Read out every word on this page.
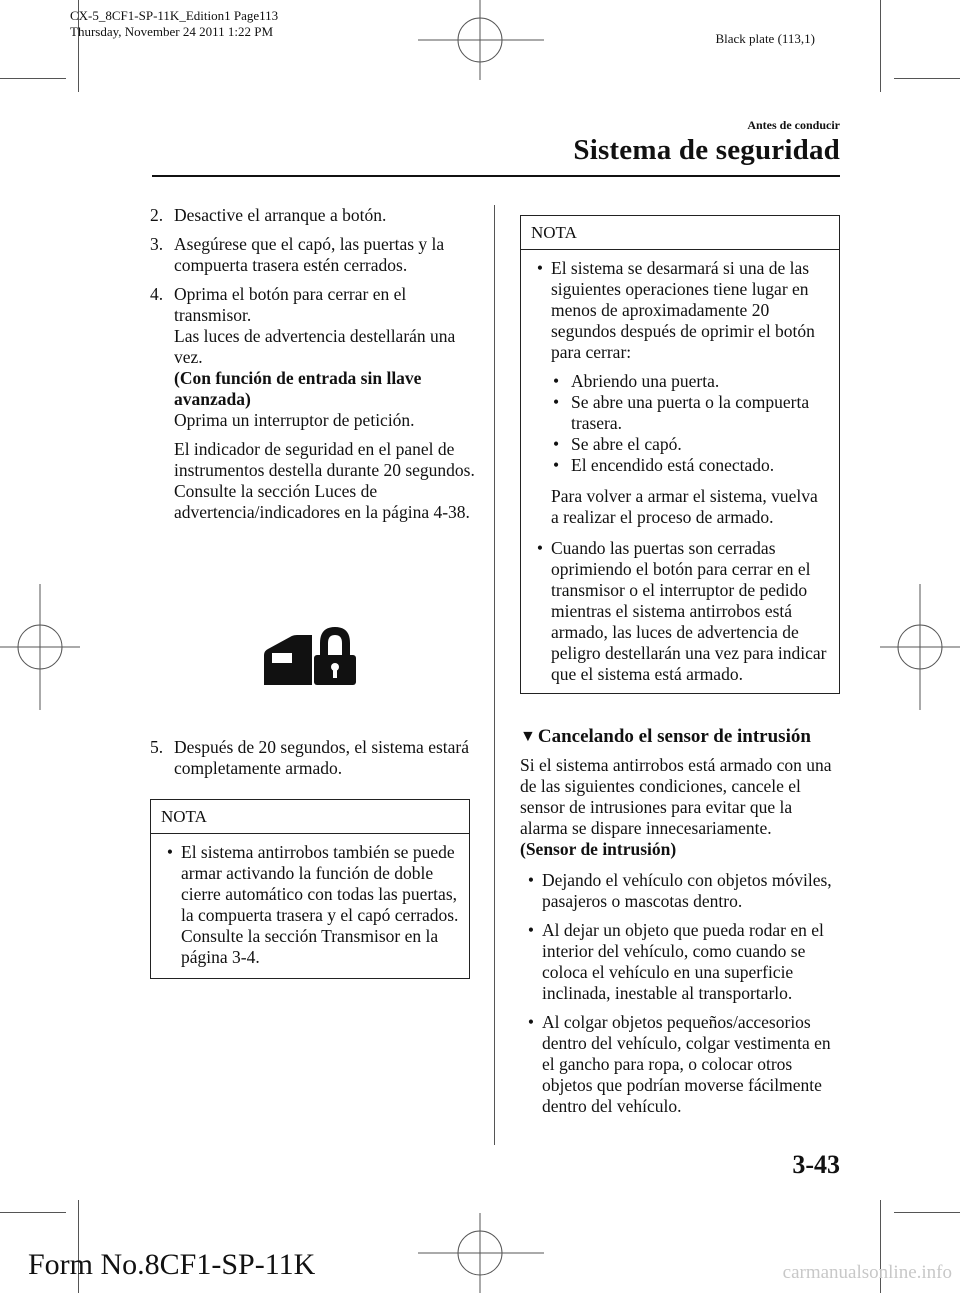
CX-5_8CF1-SP-11K_Edition1 Page113
Thursday, November 24 2011 1:22 PM	Black plate (113,1)
Antes de conducir
Sistema de seguridad
2. Desactive el arranque a botón.
3. Asegúrese que el capó, las puertas y la compuerta trasera estén cerrados.
4. Oprima el botón para cerrar en el transmisor.
Las luces de advertencia destellarán una vez.
(Con función de entrada sin llave avanzada)
Oprima un interruptor de petición.
El indicador de seguridad en el panel de instrumentos destella durante 20 segundos.
Consulte la sección Luces de advertencia/indicadores en la página 4-38.
5. Después de 20 segundos, el sistema estará completamente armado.
NOTA
• El sistema antirrobos también se puede armar activando la función de doble cierre automático con todas las puertas, la compuerta trasera y el capó cerrados.
Consulte la sección Transmisor en la página 3-4.
NOTA
• El sistema se desarmará si una de las siguientes operaciones tiene lugar en menos de aproximadamente 20 segundos después de oprimir el botón para cerrar:
• Abriendo una puerta.
• Se abre una puerta o la compuerta trasera.
• Se abre el capó.
• El encendido está conectado.
Para volver a armar el sistema, vuelva a realizar el proceso de armado.
• Cuando las puertas son cerradas oprimiendo el botón para cerrar en el transmisor o el interruptor de pedido mientras el sistema antirrobos está armado, las luces de advertencia de peligro destellarán una vez para indicar que el sistema está armado.
▼ Cancelando el sensor de intrusión
Si el sistema antirrobos está armado con una de las siguientes condiciones, cancele el sensor de intrusiones para evitar que la alarma se dispare innecesariamente.
(Sensor de intrusión)
• Dejando el vehículo con objetos móviles, pasajeros o mascotas dentro.
• Al dejar un objeto que pueda rodar en el interior del vehículo, como cuando se coloca el vehículo en una superficie inclinada, inestable al transportarlo.
• Al colgar objetos pequeños/accesorios dentro del vehículo, colgar vestimenta en el gancho para ropa, o colocar otros objetos que podrían moverse fácilmente dentro del vehículo.
3-43
Form No.8CF1-SP-11K	carmanualsonline.info
